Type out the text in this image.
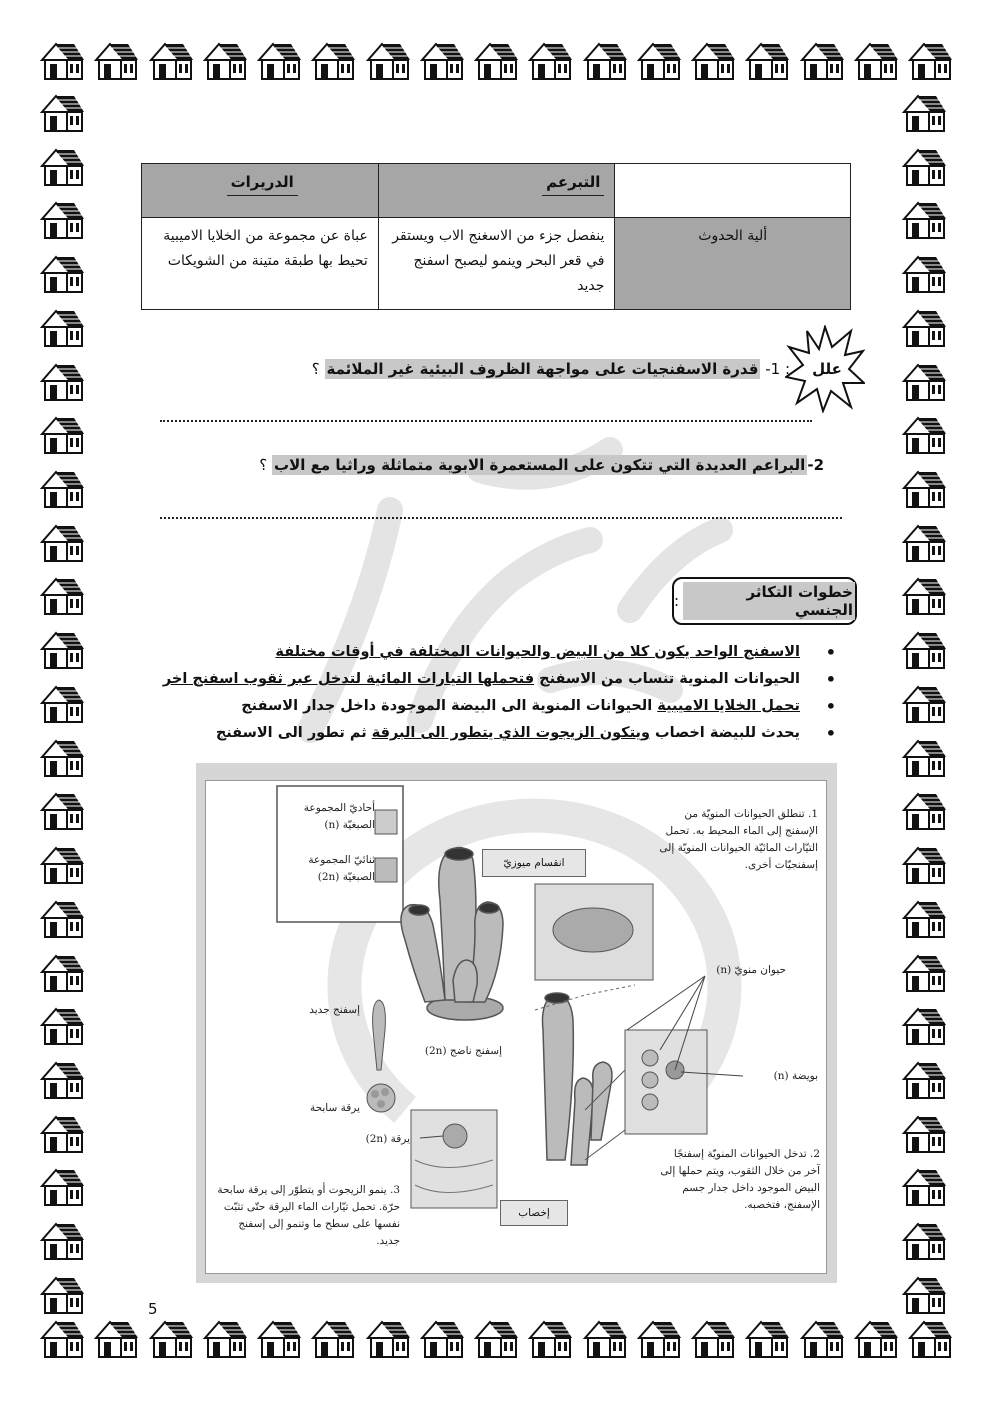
	التبرعم	الدريرات
ألية الحدوث	ينفصل جزء من الاسغنج الاب ويستقر في قعر البحر وينمو ليصبح اسفنج جديد	عباة عن مجموعة من الخلايا الاميبية تحيط بها طبقة متينة من الشويكات
علل
: 1- قدرة الاسفنجيات على مواجهة الظروف البيئية غير الملائمة ؟
2-البراعم العديدة التي تتكون على المستعمرة الابوية متماثلة وراثيا مع الاب ؟
خطوات التكاثر الجنسي
:
• الاسفنج الواحد يكون كلا من البيض والحيوانات المختلفة في أوقات مختلفة
• الحيوانات المنوية تنساب من الاسفنج فتحملها التيارات المائية لتدخل عبر ثقوب اسفنج اخر
• تحمل الخلايا الاميبية الحيوانات المنوية الى البيضة الموجودة داخل جدار الاسفنج
• يحدث للبيضة اخصاب ويتكون الزيجوت الذي يتطور الى البرقة ثم تطور الى الاسفنج
أحاديّ المجموعة
الصبغيّة (n)
ثنائيّ المجموعة
الصبغيّة (2n)
انقسام ميوزيّ
1. تنطلق الحيوانات المنويّة من الإسفنج إلى الماء المحيط به. تحمل التيّارات المائيّة الحيوانات المنويّة إلى إسفنجيّات أخرى.
حيوان منويّ (n)
إسفنج جديد
إسفنج ناضج (2n)
بويضة (n)
يرقة سابحة
يرقة (2n)
2. تدخل الحيوانات المنويّة إسفنجًا آخر من خلال الثقوب، ويتم حملها إلى البيض الموجود داخل جدار جسم الإسفنج، فتخصبه.
3. ينمو الزيجوت أو يتطوّر إلى يرقة سابحة حرّة. تحمل تيّارات الماء اليرقة حتّى تثبّت نفسها على سطح ما وتنمو إلى إسفنج جديد.
إخصاب
5
